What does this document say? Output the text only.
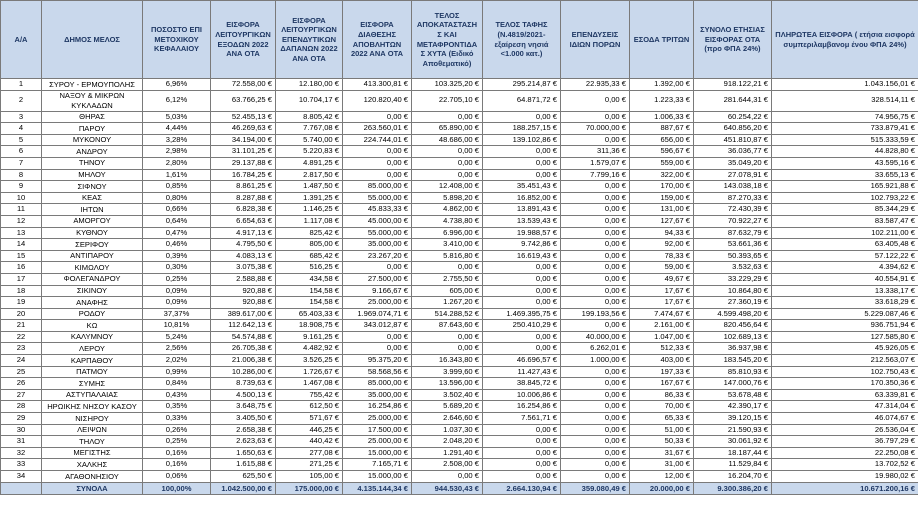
Α/Α	ΔΗΜΟΣ ΜΕΛΟΣ	ΠΟΣΟΣΤΟ ΕΠΙ ΜΕΤΟΧΙΚΟΥ ΚΕΦΑΛΑΙΟΥ	ΕΙΣΦΟΡΑ ΛΕΙΤΟΥΡΓΙΚΩΝ ΕΞΟΔΩΝ 2022 ΑΝΑ ΟΤΑ	ΕΙΣΦΟΡΑ ΛΕΙΤΟΥΡΓΙΚΩΝ ΕΠΕΝΔΥΤΙΚΩΝ ΔΑΠΑΝΩΝ 2022 ΑΝΑ ΟΤΑ	ΕΙΣΦΟΡΑ ΔΙΑΘΕΣΗΣ ΑΠΟΒΛΗΤΩΝ 2022 ΑΝΑ ΟΤΑ	ΤΕΛΟΣ ΑΠΟΚΑΤΑΣΤΑΣΗ Σ ΚΑΙ ΜΕΤΑΦΡΟΝΤΙΔΑ Σ ΧΥΤΑ (Ειδικό Αποθεματικό)	ΤΕΛΟΣ ΤΑΦΗΣ (Ν.4819/2021- εξαίρεση νησιά <1.000 κατ.)	ΕΠΕΝΔΥΣΕΙΣ ΙΔΙΩΝ ΠΟΡΩΝ	ΕΣΟΔΑ ΤΡΙΤΩΝ	ΣΥΝΟΛΟ ΕΤΗΣΙΑΣ ΕΙΣΦΟΡΑΣ ΟΤΑ (προ ΦΠΑ 24%)	ΠΛΗΡΩΤΕΑ ΕΙΣΦΟΡΑ ( ετήσια εισφορά συμπεριλαμβανομ ένου ΦΠΑ 24%)
1	ΣΥΡΟΥ - ΕΡΜΟΥΠΟΛΗΣ	6,96%	72.558,00 €	12.180,00 €	413.300,81 €	103.325,20 €	295.214,87 €	22.935,33 €	1.392,00 €	918.122,21 €	1.043.156,01 €
2	ΝΑΞΟΥ & ΜΙΚΡΩΝ ΚΥΚΛΑΔΩΝ	6,12%	63.766,25 €	10.704,17 €	120.820,40 €	22.705,10 €	64.871,72 €	0,00 €	1.223,33 €	281.644,31 €	328.514,11 €
3	ΘΗΡΑΣ	5,03%	52.455,13 €	8.805,42 €	0,00 €	0,00 €	0,00 €	0,00 €	1.006,33 €	60.254,22 €	74.956,75 €
4	ΠΑΡΟΥ	4,44%	46.269,63 €	7.767,08 €	263.560,01 €	65.890,00 €	188.257,15 €	70.000,00 €	887,67 €	640.856,20 €	733.879,41 €
5	ΜΥΚΟΝΟΥ	3,28%	34.194,00 €	5.740,00 €	224.744,01 €	48.686,00 €	139.102,86 €	0,00 €	656,00 €	451.810,87 €	515.333,59 €
6	ΑΝΔΡΟΥ	2,98%	31.101,25 €	5.220,83 €	0,00 €	0,00 €	0,00 €	311,36 €	596,67 €	36.036,77 €	44.828,80 €
7	ΤΗΝΟΥ	2,80%	29.137,88 €	4.891,25 €	0,00 €	0,00 €	0,00 €	1.579,07 €	559,00 €	35.049,20 €	43.595,16 €
8	ΜΗΛΟΥ	1,61%	16.784,25 €	2.817,50 €	0,00 €	0,00 €	0,00 €	7.799,16 €	322,00 €	27.078,91 €	33.655,13 €
9	ΣΙΦΝΟΥ	0,85%	8.861,25 €	1.487,50 €	85.000,00 €	12.408,00 €	35.451,43 €	0,00 €	170,00 €	143.038,18 €	165.921,88 €
10	ΚΕΑΣ	0,80%	8.287,88 €	1.391,25 €	55.000,00 €	5.898,20 €	16.852,00 €	0,00 €	159,00 €	87.270,33 €	102.793,22 €
11	ΙΗΤΩΝ	0,66%	6.828,38 €	1.146,25 €	45.833,33 €	4.862,00 €	13.891,43 €	0,00 €	131,00 €	72.430,39 €	85.344,29 €
12	ΑΜΟΡΓΟΥ	0,64%	6.654,63 €	1.117,08 €	45.000,00 €	4.738,80 €	13.539,43 €	0,00 €	127,67 €	70.922,27 €	83.587,47 €
13	ΚΥΘΝΟΥ	0,47%	4.917,13 €	825,42 €	55.000,00 €	6.996,00 €	19.988,57 €	0,00 €	94,33 €	87.632,79 €	102.211,00 €
14	ΣΕΡΙΦΟΥ	0,46%	4.795,50 €	805,00 €	35.000,00 €	3.410,00 €	9.742,86 €	0,00 €	92,00 €	53.661,36 €	63.405,48 €
15	ΑΝΤΙΠΑΡΟΥ	0,39%	4.083,13 €	685,42 €	23.267,20 €	5.816,80 €	16.619,43 €	0,00 €	78,33 €	50.393,65 €	57.122,22 €
16	ΚΙΜΩΛΟΥ	0,30%	3.075,38 €	516,25 €	0,00 €	0,00 €	0,00 €	0,00 €	59,00 €	3.532,63 €	4.394,62 €
17	ΦΟΛΕΓΑΝΔΡΟΥ	0,25%	2.588,88 €	434,58 €	27.500,00 €	2.755,50 €	0,00 €	0,00 €	49,67 €	33.229,29 €	40.554,91 €
18	ΣΙΚΙΝΟΥ	0,09%	920,88 €	154,58 €	9.166,67 €	605,00 €	0,00 €	0,00 €	17,67 €	10.864,80 €	13.338,17 €
19	ΑΝΑΦΗΣ	0,09%	920,88 €	154,58 €	25.000,00 €	1.267,20 €	0,00 €	0,00 €	17,67 €	27.360,19 €	33.618,29 €
20	ΡΟΔΟΥ	37,37%	389.617,00 €	65.403,33 €	1.969.074,71 €	514.288,52 €	1.469.395,75 €	199.193,56 €	7.474,67 €	4.599.498,20 €	5.229.087,46 €
21	ΚΩ	10,81%	112.642,13 €	18.908,75 €	343.012,87 €	87.643,60 €	250.410,29 €	0,00 €	2.161,00 €	820.456,64 €	936.751,94 €
22	ΚΑΛΥΜΝΟΥ	5,24%	54.574,88 €	9.161,25 €	0,00 €	0,00 €	0,00 €	40.000,00 €	1.047,00 €	102.689,13 €	127.585,80 €
23	ΛΕΡΟΥ	2,56%	26.705,38 €	4.482,92 €	0,00 €	0,00 €	0,00 €	6.262,01 €	512,33 €	36.937,98 €	45.926,05 €
24	ΚΑΡΠΑΘΟΥ	2,02%	21.006,38 €	3.526,25 €	95.375,20 €	16.343,80 €	46.696,57 €	1.000,00 €	403,00 €	183.545,20 €	212.563,07 €
25	ΠΑΤΜΟΥ	0,99%	10.286,00 €	1.726,67 €	58.568,56 €	3.999,60 €	11.427,43 €	0,00 €	197,33 €	85.810,93 €	102.750,43 €
26	ΣΥΜΗΣ	0,84%	8.739,63 €	1.467,08 €	85.000,00 €	13.596,00 €	38.845,72 €	0,00 €	167,67 €	147.000,76 €	170.350,36 €
27	ΑΣΤΥΠΑΛΑΙΑΣ	0,43%	4.500,13 €	755,42 €	35.000,00 €	3.502,40 €	10.006,86 €	0,00 €	86,33 €	53.678,48 €	63.339,81 €
28	ΗΡΩΙΚΗΣ ΝΗΣΟΥ ΚΑΣΟΥ	0,35%	3.648,75 €	612,50 €	16.254,86 €	5.689,20 €	16.254,86 €	0,00 €	70,00 €	42.390,17 €	47.314,04 €
29	ΝΙΣΗΡΟΥ	0,33%	3.405,50 €	571,67 €	25.000,00 €	2.646,60 €	7.561,71 €	0,00 €	65,33 €	39.120,15 €	46.074,67 €
30	ΛΕΙΨΩΝ	0,26%	2.658,38 €	446,25 €	17.500,00 €	1.037,30 €	0,00 €	0,00 €	51,00 €	21.590,93 €	26.536,04 €
31	ΤΗΛΟΥ	0,25%	2.623,63 €	440,42 €	25.000,00 €	2.048,20 €	0,00 €	0,00 €	50,33 €	30.061,92 €	36.797,29 €
32	ΜΕΓΙΣΤΗΣ	0,16%	1.650,63 €	277,08 €	15.000,00 €	1.291,40 €	0,00 €	0,00 €	31,67 €	18.187,44 €	22.250,08 €
33	ΧΑΛΚΗΣ	0,16%	1.615,88 €	271,25 €	7.165,71 €	2.508,00 €	0,00 €	0,00 €	31,00 €	11.529,84 €	13.702,52 €
34	ΑΓΑΘΟΝΗΣΙΟΥ	0,06%	625,50 €	105,00 €	15.000,00 €	0,00 €	0,00 €	0,00 €	12,00 €	16.204,70 €	19.980,02 €
	ΣΥΝΟΛΑ	100,00%	1.042.500,00 €	175.000,00 €	4.135.144,34 €	944.530,43 €	2.664.130,94 €	359.080,49 €	20.000,00 €	9.300.386,20 €	10.671.200,16 €
